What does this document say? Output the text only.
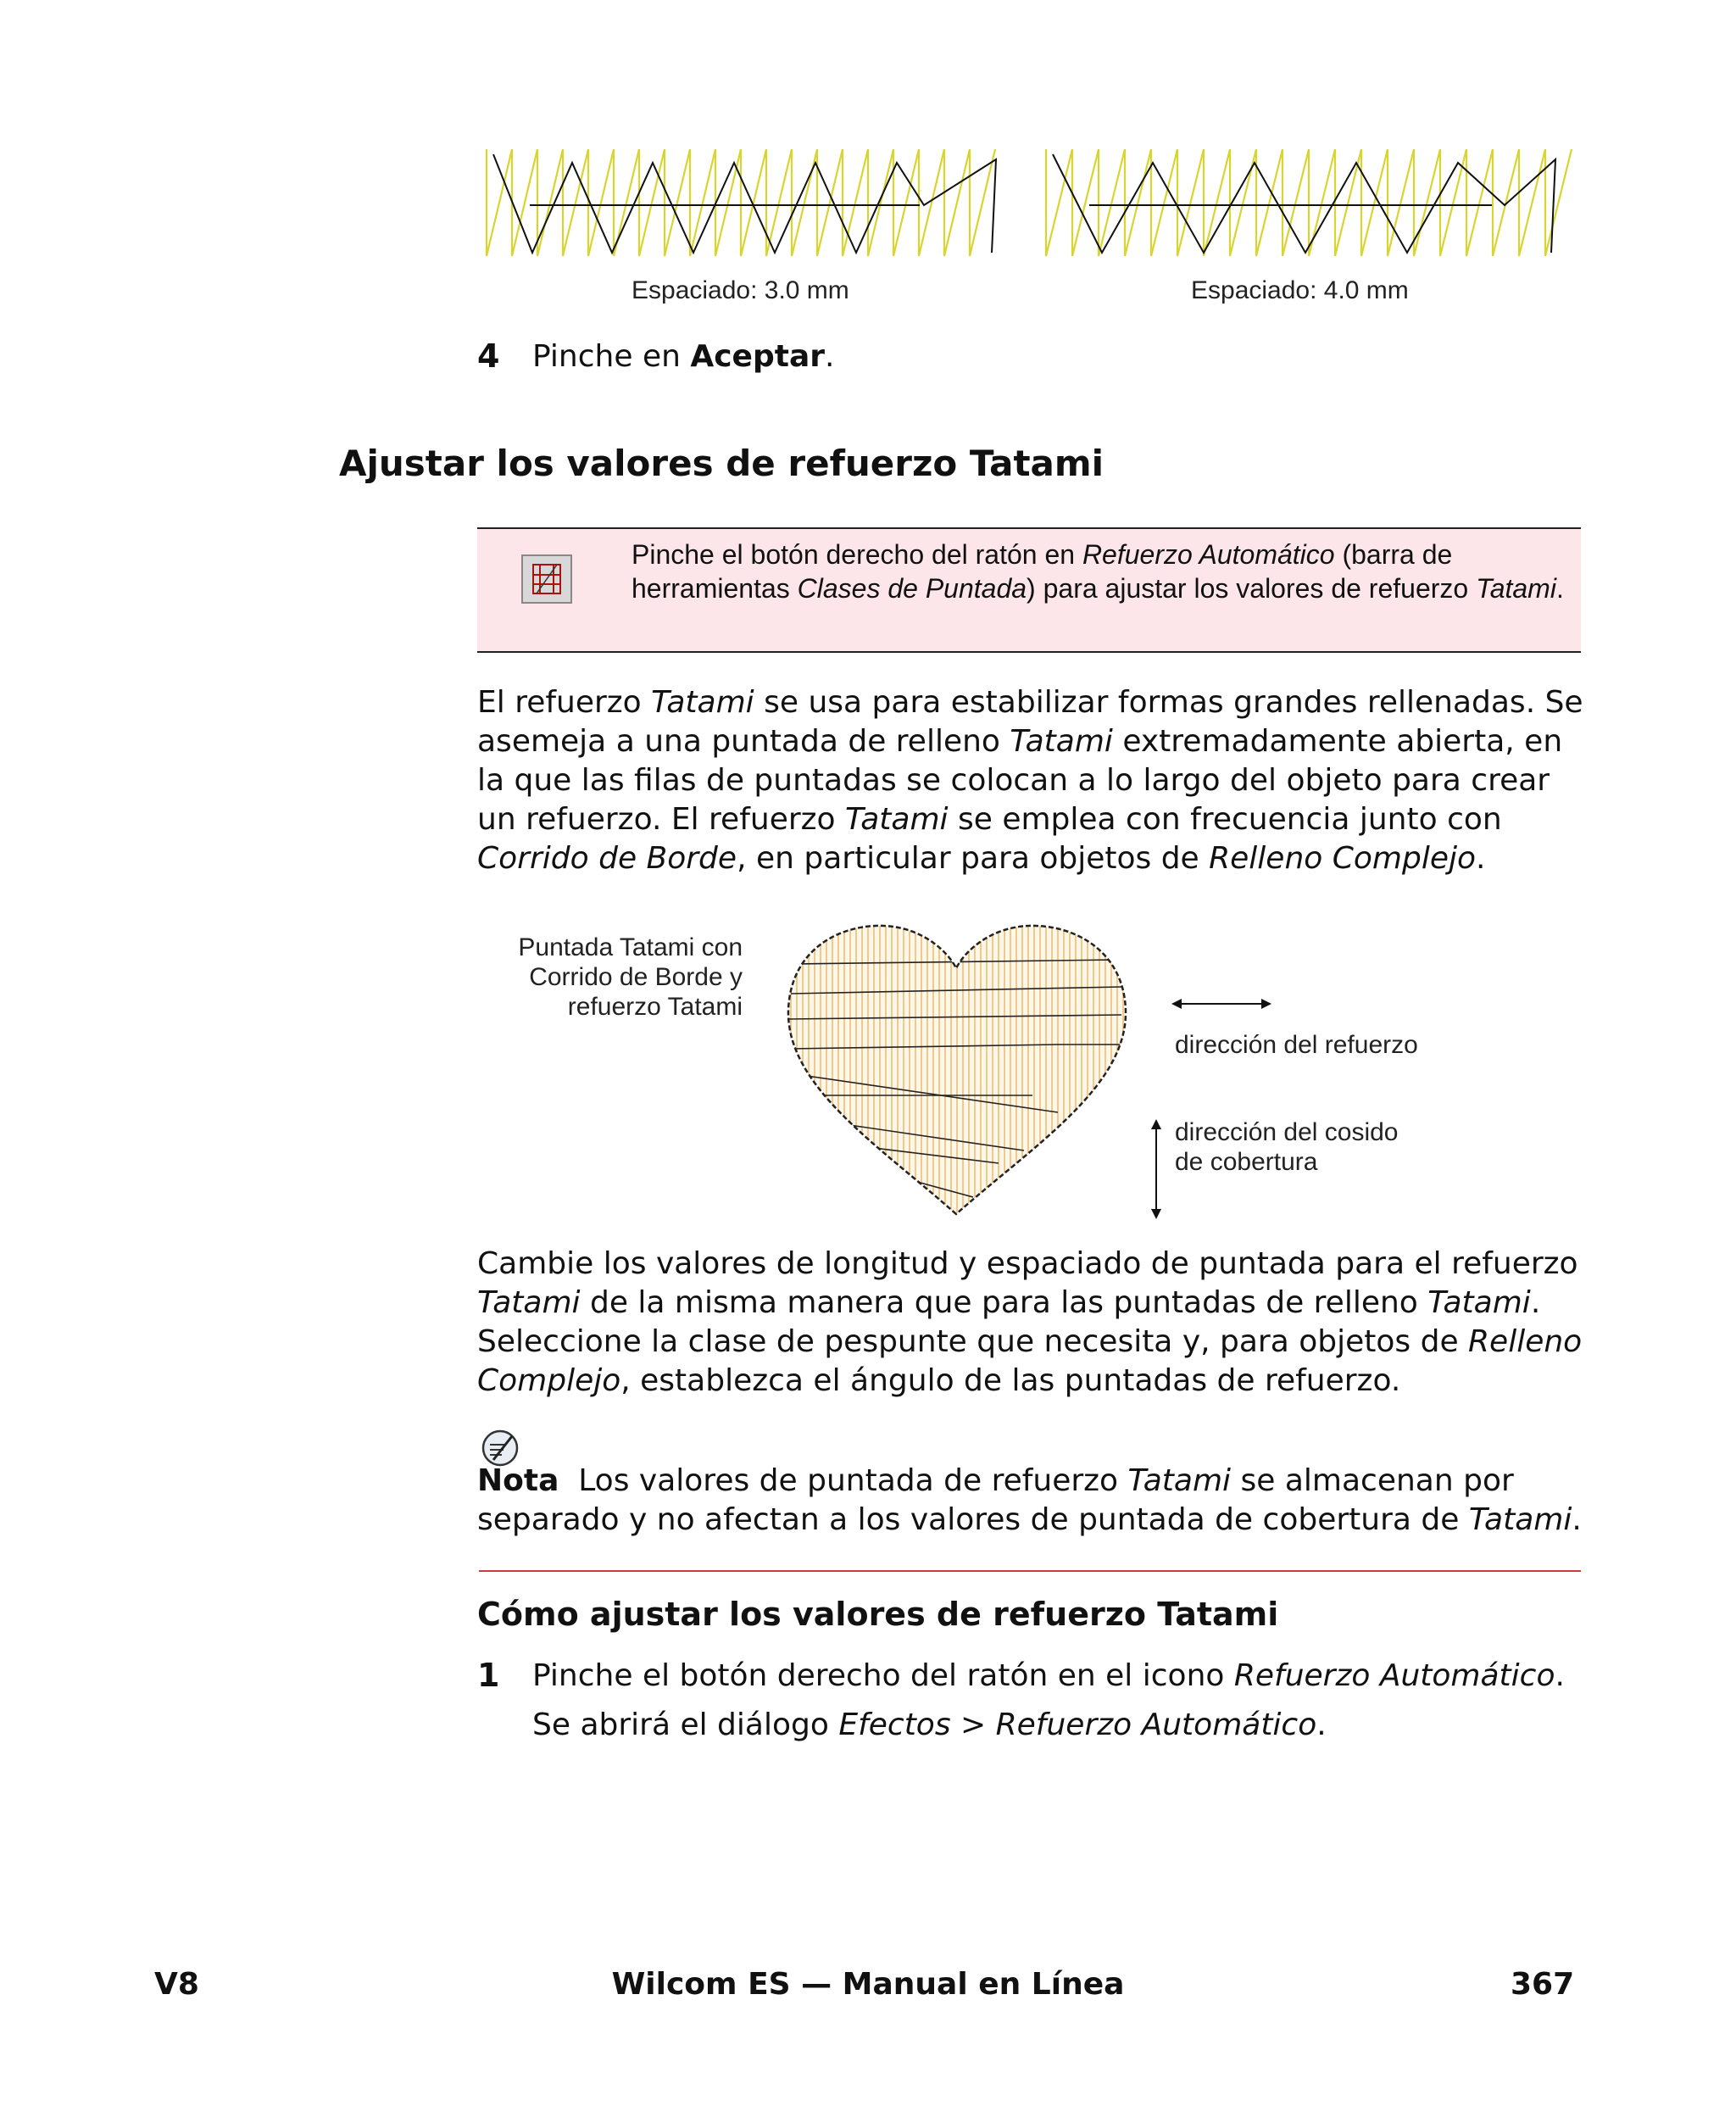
Espaciado: 3.0 mm	Espaciado: 4.0 mm
4 Pinche en Aceptar.
Ajustar los valores de refuerzo Tatami
Pinche el botón derecho del ratón en Refuerzo Automático (barra de herramientas Clases de Puntada) para ajustar los valores de refuerzo Tatami.
El refuerzo Tatami se usa para estabilizar formas grandes rellenadas. Se asemeja a una puntada de relleno Tatami extremadamente abierta, en la que las filas de puntadas se colocan a lo largo del objeto para crear un refuerzo. El refuerzo Tatami se emplea con frecuencia junto con Corrido de Borde, en particular para objetos de Relleno Complejo.
Puntada Tatami con
Corrido de Borde y
refuerzo Tatami
dirección del refuerzo
dirección del cosido
de cobertura
Cambie los valores de longitud y espaciado de puntada para el refuerzo Tatami de la misma manera que para las puntadas de relleno Tatami. Seleccione la clase de pespunte que necesita y, para objetos de Relleno Complejo, establezca el ángulo de las puntadas de refuerzo.
Nota  Los valores de puntada de refuerzo Tatami se almacenan por separado y no afectan a los valores de puntada de cobertura de Tatami.
Cómo ajustar los valores de refuerzo Tatami
1 Pinche el botón derecho del ratón en el icono Refuerzo Automático.
Se abrirá el diálogo Efectos > Refuerzo Automático.
V8	Wilcom ES — Manual en Línea	367
